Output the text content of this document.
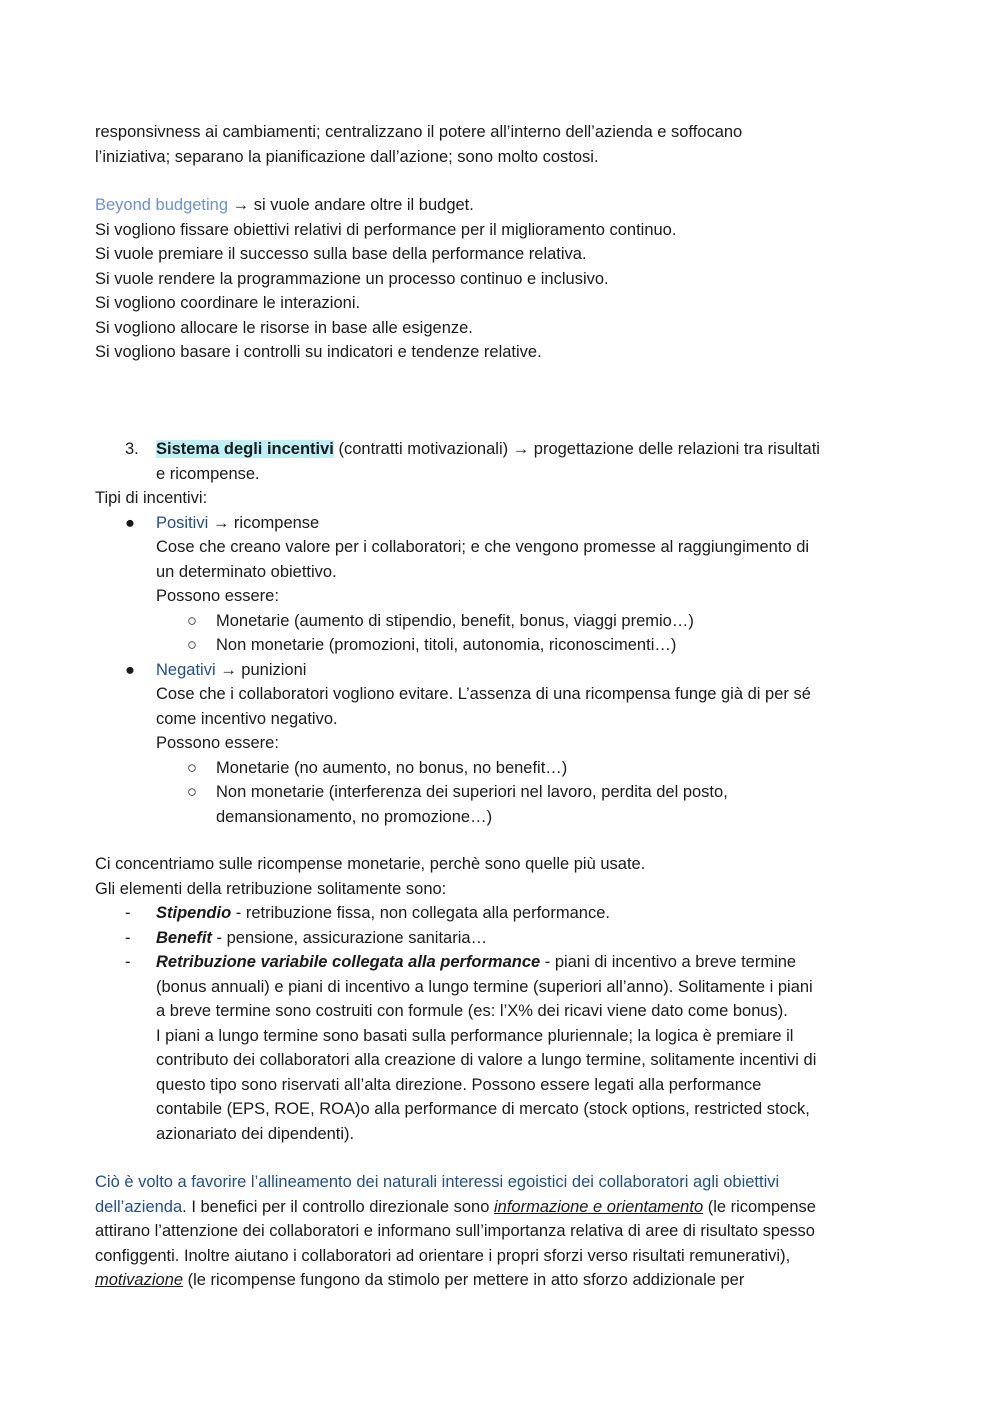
responsivness ai cambiamenti; centralizzano il potere all’interno dell’azienda e soffocano
l’iniziativa; separano la pianificazione dall’azione; sono molto costosi.
Beyond budgeting → si vuole andare oltre il budget.
Si vogliono fissare obiettivi relativi di performance per il miglioramento continuo.
Si vuole premiare il successo sulla base della performance relativa.
Si vuole rendere la programmazione un processo continuo e inclusivo.
Si vogliono coordinare le interazioni.
Si vogliono allocare le risorse in base alle esigenze.
Si vogliono basare i controlli su indicatori e tendenze relative.
3. Sistema degli incentivi (contratti motivazionali) → progettazione delle relazioni tra risultati
e ricompense.
Tipi di incentivi:
● Positivi → ricompense
Cose che creano valore per i collaboratori; e che vengono promesse al raggiungimento di
un determinato obiettivo.
Possono essere:
○ Monetarie (aumento di stipendio, benefit, bonus, viaggi premio…)
○ Non monetarie (promozioni, titoli, autonomia, riconoscimenti…)
● Negativi → punizioni
Cose che i collaboratori vogliono evitare. L’assenza di una ricompensa funge già di per sé
come incentivo negativo.
Possono essere:
○ Monetarie (no aumento, no bonus, no benefit…)
○ Non monetarie (interferenza dei superiori nel lavoro, perdita del posto,
demansionamento, no promozione…)
Ci concentriamo sulle ricompense monetarie, perchè sono quelle più usate.
Gli elementi della retribuzione solitamente sono:
- Stipendio - retribuzione fissa, non collegata alla performance.
- Benefit - pensione, assicurazione sanitaria…
- Retribuzione variabile collegata alla performance - piani di incentivo a breve termine
(bonus annuali) e piani di incentivo a lungo termine (superiori all’anno). Solitamente i piani
a breve termine sono costruiti con formule (es: l’X% dei ricavi viene dato come bonus).
I piani a lungo termine sono basati sulla performance pluriennale; la logica è premiare il
contributo dei collaboratori alla creazione di valore a lungo termine, solitamente incentivi di
questo tipo sono riservati all’alta direzione. Possono essere legati alla performance
contabile (EPS, ROE, ROA)o alla performance di mercato (stock options, restricted stock,
azionariato dei dipendenti).
Ciò è volto a favorire l’allineamento dei naturali interessi egoistici dei collaboratori agli obiettivi
dell’azienda. I benefici per il controllo direzionale sono informazione e orientamento (le ricompense
attirano l’attenzione dei collaboratori e informano sull’importanza relativa di aree di risultato spesso
configgenti. Inoltre aiutano i collaboratori ad orientare i propri sforzi verso risultati remunerativi),
motivazione (le ricompense fungono da stimolo per mettere in atto sforzo addizionale per
